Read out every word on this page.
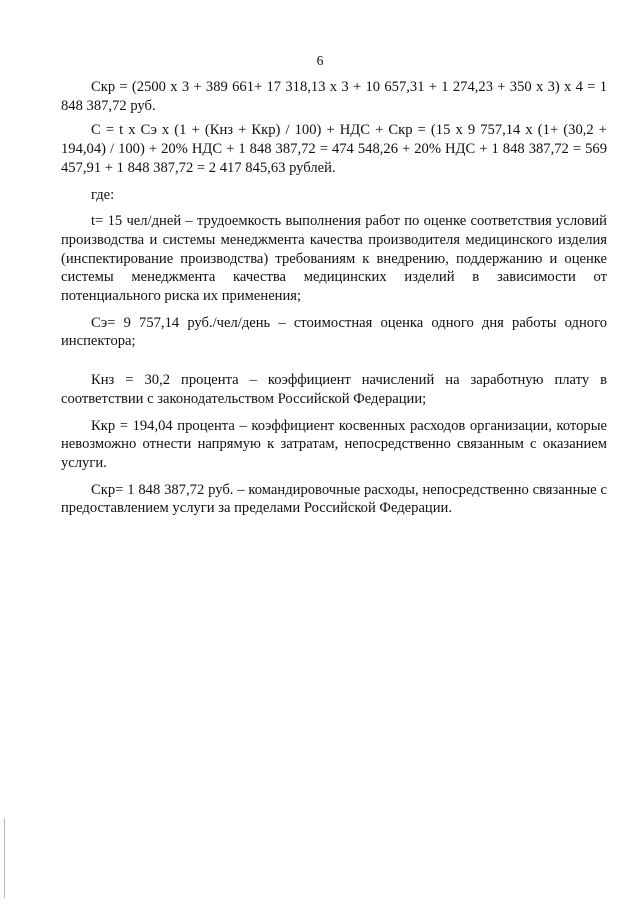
6

Скр = (2500 х 3 + 389 661+ 17 318,13 х 3 + 10 657,31 + 1 274,23 + 350 х 3) х 4 = 1 848 387,72 руб.

С = t х Сэ х (1 + (Кнз + Ккр) / 100) + НДС + Скр = (15 х 9 757,14 х (1+ (30,2 + 194,04) / 100) + 20% НДС + 1 848 387,72 = 474 548,26 + 20% НДС + 1 848 387,72 = 569 457,91 + 1 848 387,72 = 2 417 845,63 рублей.

где:

t= 15 чел/дней – трудоемкость выполнения работ по оценке соответствия условий производства и системы менеджмента качества производителя медицинского изделия (инспектирование производства) требованиям к внедрению, поддержанию и оценке системы менеджмента качества медицинских изделий в зависимости от потенциального риска их применения;

Сэ= 9 757,14 руб./чел/день – стоимостная оценка одного дня работы одного инспектора;

Кнз = 30,2 процента – коэффициент начислений на заработную плату в соответствии с законодательством Российской Федерации;

Ккр = 194,04 процента – коэффициент косвенных расходов организации, которые невозможно отнести напрямую к затратам, непосредственно связанным с оказанием услуги.

Скр= 1 848 387,72 руб. – командировочные расходы, непосредственно связанные с предоставлением услуги за пределами Российской Федерации.
